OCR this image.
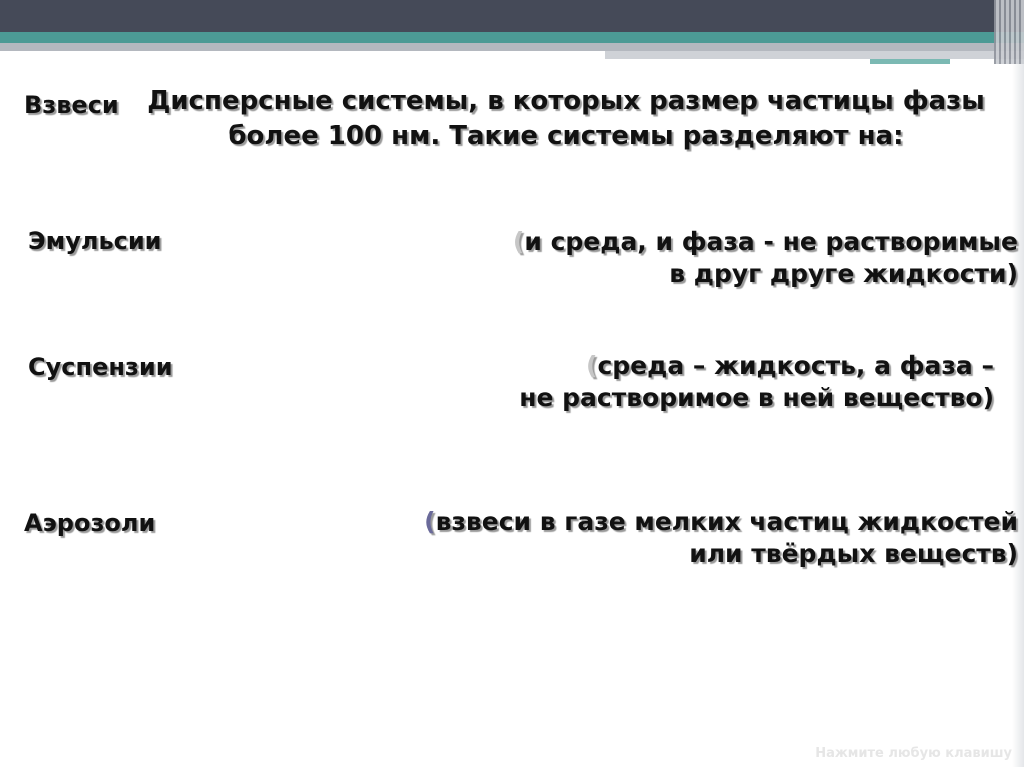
Взвеси Дисперсные системы, в которых размер частицы фазы более 100 нм. Такие системы разделяют на:
Эмульсии	(и среда, и фаза - не растворимые
в друг друге жидкости)
Суспензии	(среда – жидкость, а фаза –
не растворимое в ней вещество)
Аэрозоли	(взвеси в газе мелких частиц жидкостей
или твёрдых веществ)
Нажмите любую клавишу
